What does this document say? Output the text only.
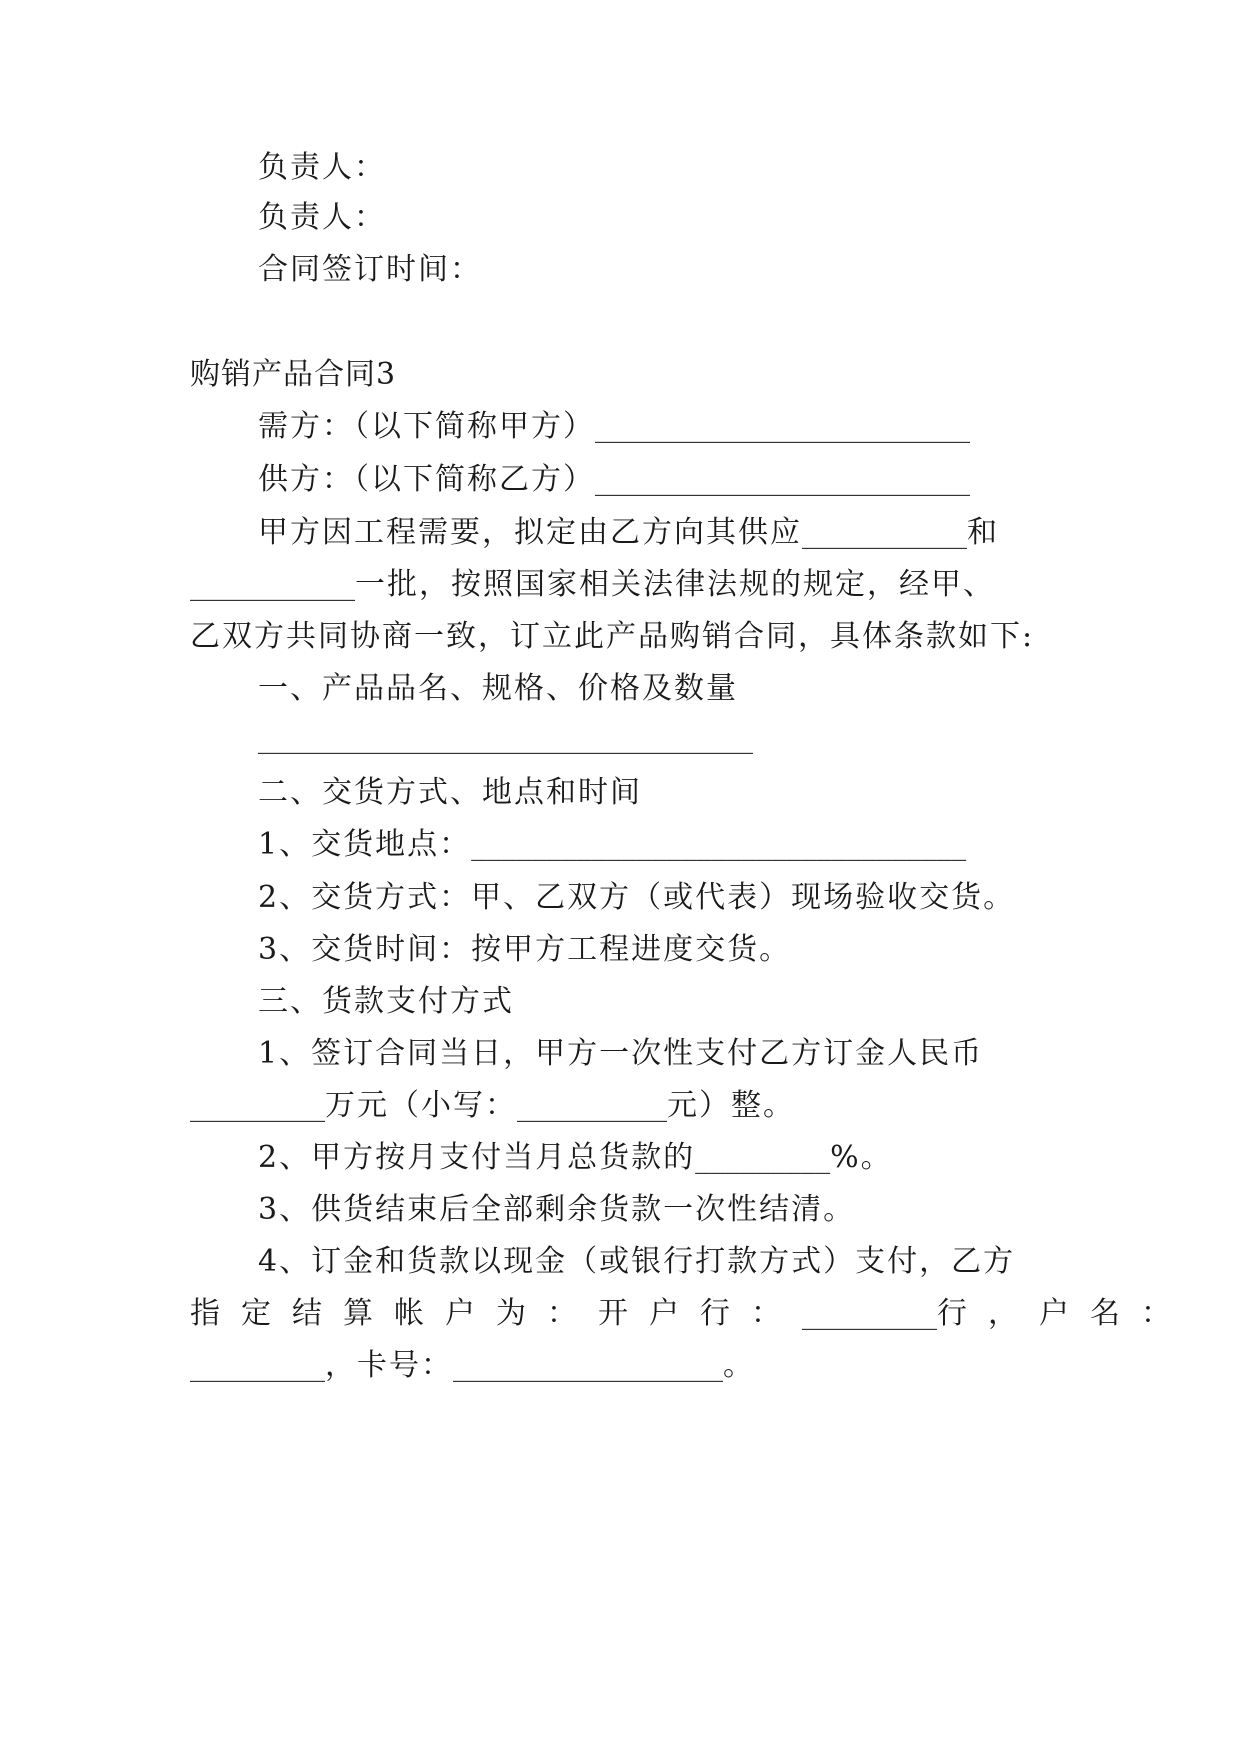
负责人：
负责人：
合同签订时间：
购销产品合同3
需方：（以下简称甲方）_________________________
供方：（以下简称乙方）_________________________
甲方因工程需要，拟定由乙方向其供应___________和
___________一批，按照国家相关法律法规的规定，经甲、
乙双方共同协商一致，订立此产品购销合同，具体条款如下:
一、产品品名、规格、价格及数量
_________________________________
二、交货方式、地点和时间
1、交货地点：_________________________________
2、交货方式：甲、乙双方（或代表）现场验收交货。
3、交货时间：按甲方工程进度交货。
三、货款支付方式
1、签订合同当日，甲方一次性支付乙方订金人民币
_________万元（小写：__________元）整。
2、甲方按月支付当月总货款的_________%。
3、供货结束后全部剩余货款一次性结清。
4、订金和货款以现金（或银行打款方式）支付，乙方
指定结算帐户为：开户行：_________行，户名：
_________，卡号：__________________。
